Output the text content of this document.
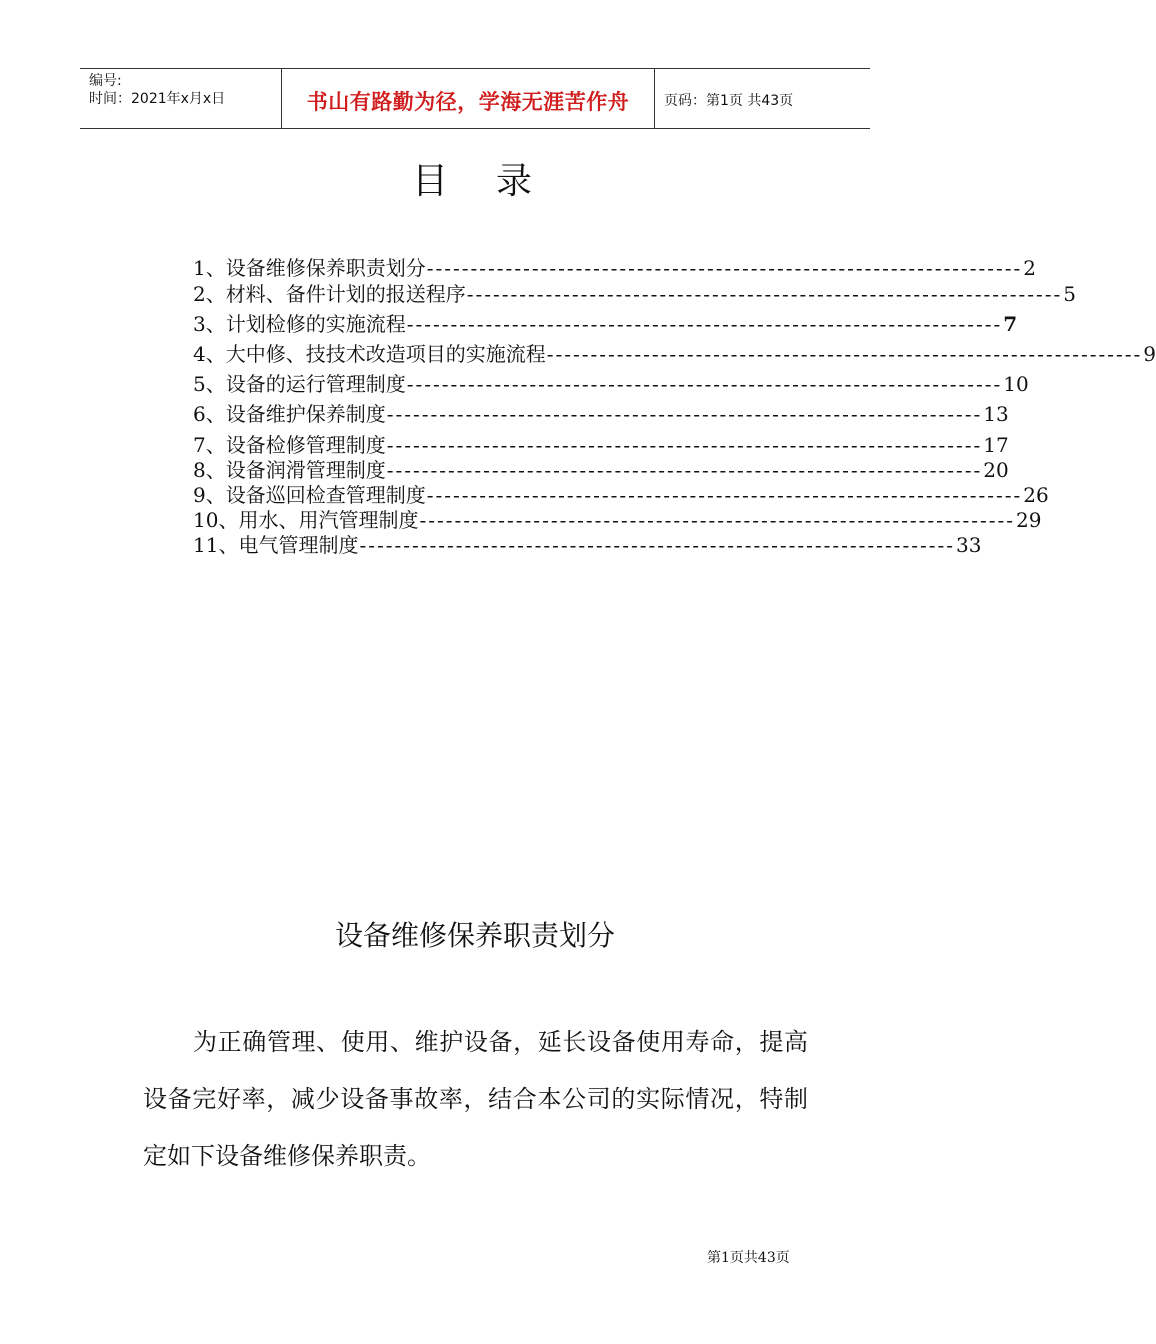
编号:
时间：2021年x月x日	书山有路勤为径，学海无涯苦作舟	页码：第1页 共43页
目　录
1、设备维修保养职责划分 -------------------------------------------------------------------- 2
2、材料、备件计划的报送程序 -------------------------------------------------------------------- 5
3、计划检修的实施流程 -------------------------------------------------------------------- 7
4、大中修、技技术改造项目的实施流程 -------------------------------------------------------------------- 9
5、设备的运行管理制度 -------------------------------------------------------------------- 10
6、设备维护保养制度 -------------------------------------------------------------------- 13
7、设备检修管理制度 -------------------------------------------------------------------- 17
8、设备润滑管理制度 -------------------------------------------------------------------- 20
9、设备巡回检查管理制度 -------------------------------------------------------------------- 26
10、用水、用汽管理制度 -------------------------------------------------------------------- 29
11、电气管理制度 -------------------------------------------------------------------- 33
设备维修保养职责划分

为正确管理、使用、维护设备，延长设备使用寿命，提高设备完好率，减少设备事故率，结合本公司的实际情况，特制定如下设备维修保养职责。

第1页共43页
